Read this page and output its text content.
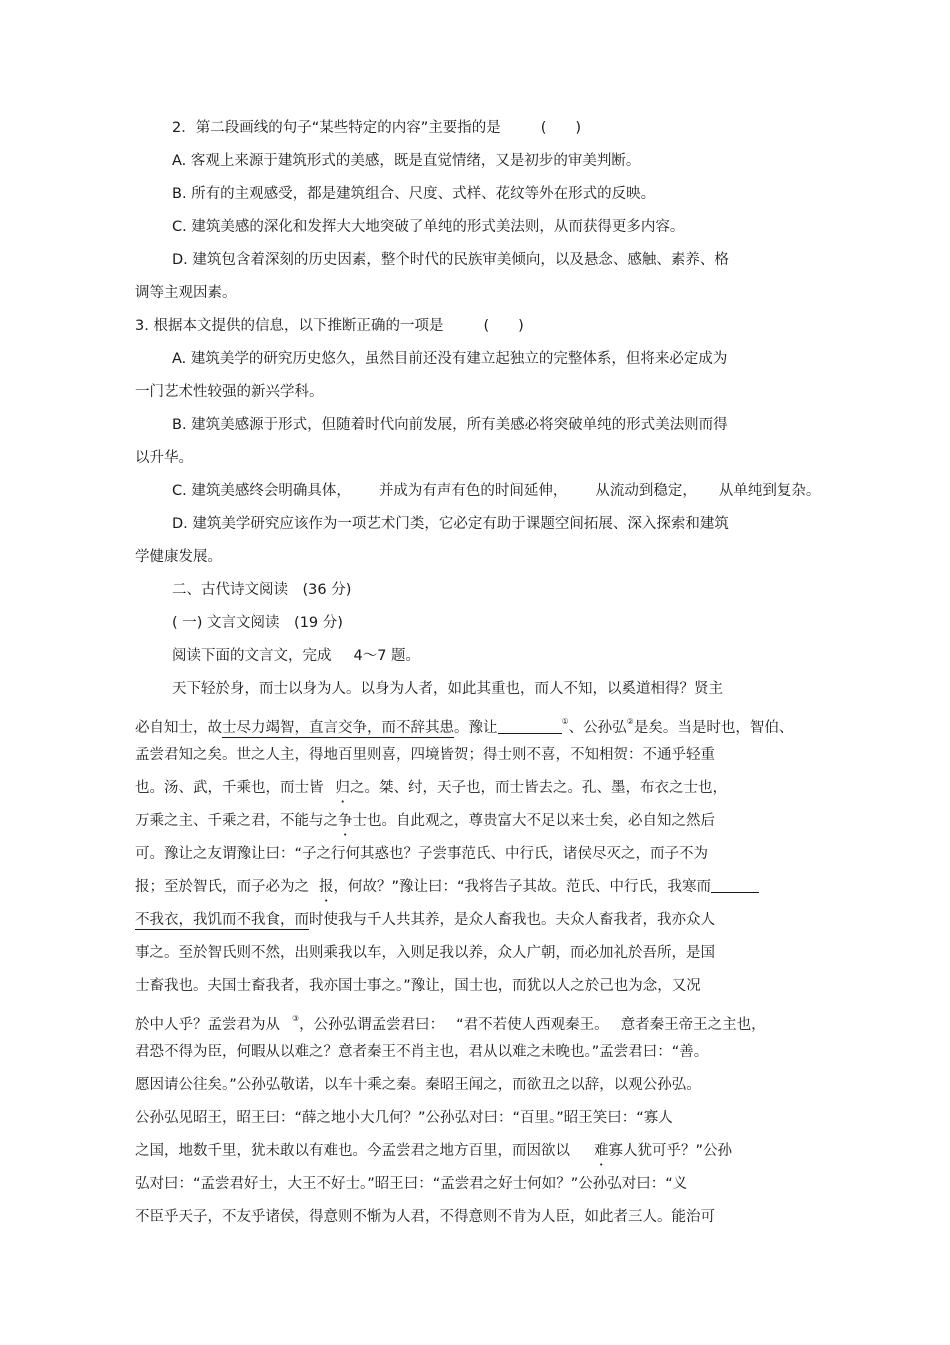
2．第二段画线的句子“某些特定的内容”主要指的是	(　　)
A. 客观上来源于建筑形式的美感，既是直觉情绪，又是初步的审美判断。
B. 所有的主观感受，都是建筑组合、尺度、式样、花纹等外在形式的反映。
C. 建筑美感的深化和发挥大大地突破了单纯的形式美法则，从而获得更多内容。
D. 建筑包含着深刻的历史因素，整个时代的民族审美倾向，以及悬念、感触、素养、格
调等主观因素。
3. 根据本文提供的信息，以下推断正确的一项是	(　　)
A. 建筑美学的研究历史悠久，虽然目前还没有建立起独立的完整体系，但将来必定成为
一门艺术性较强的新兴学科。
B. 建筑美感源于形式，但随着时代向前发展，所有美感必将突破单纯的形式美法则而得
以升华。
C. 建筑美感终会明确具体， 并成为有声有色的时间延伸， 从流动到稳定， 从单纯到复杂。
D. 建筑美学研究应该作为一项艺术门类，它必定有助于课题空间拓展、深入探索和建筑
学健康发展。
二、古代诗文阅读　(36 分)
( 一) 文言文阅读　(19 分)
阅读下面的文言文，完成 4～7 题。
天下轻於身，而士以身为人。以身为人者，如此其重也，而人不知，以奚道相得？贤主
必自知士，故士尽力竭智，直言交争，而不辞其患。豫让	①、公孙弘②是矣。当是时也，智伯、
孟尝君知之矣。世之人主，得地百里则喜，四境皆贺；得士则不喜，不知相贺：不通乎轻重
也。汤、武，千乘也，而士皆 归之。桀、纣，天子也，而士皆去之。孔、墨，布衣之士也，
万乘之主、千乘之君，不能与之争士也。自此观之，尊贵富大不足以来士矣，必自知之然后
可。豫让之友谓豫让曰：“子之行何其惑也？子尝事范氏、中行氏，诸侯尽灭之，而子不为
报；至於智氏，而子必为之 报，何故？”豫让曰：“我将告子其故。范氏、中行氏，我寒而
不我衣，我饥而不我食，而时使我与千人共其养，是众人畜我也。夫众人畜我者，我亦众人
事之。至於智氏则不然，出则乘我以车，入则足我以养，众人广朝，而必加礼於吾所，是国
士畜我也。夫国士畜我者，我亦国士事之。”豫让，国士也，而犹以人之於己也为念，又况
於中人乎？孟尝君为从 ③，公孙弘谓孟尝君曰： “君不若使人西观秦王。 意者秦王帝王之主也，
君恐不得为臣，何暇从以难之？意者秦王不肖主也，君从以难之未晚也。”孟尝君曰：“善。
愿因请公往矣。”公孙弘敬诺，以车十乘之秦。秦昭王闻之，而欲丑之以辞，以观公孙弘。
公孙弘见昭王，昭王曰：“薛之地小大几何？”公孙弘对曰：“百里。”昭王笑曰：“寡人
之国，地数千里，犹未敢以有难也。今孟尝君之地方百里，而因欲以 难寡人犹可乎？”公孙
弘对曰：“孟尝君好士，大王不好士。”昭王曰：“孟尝君之好士何如？”公孙弘对曰：“义
不臣乎天子，不友乎诸侯，得意则不惭为人君，不得意则不肯为人臣，如此者三人。能治可
